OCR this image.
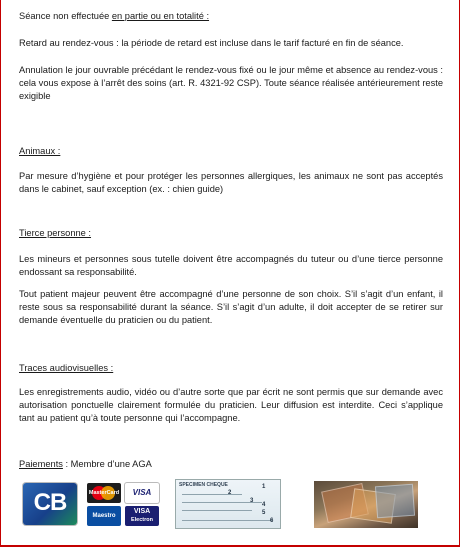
Séance non effectuée en partie ou en totalité :

Retard au rendez-vous : la période de retard est incluse dans le tarif facturé en fin de séance.

Annulation le jour ouvrable précédant le rendez-vous fixé ou le jour même et absence au rendez-vous : cela vous expose à l’arrêt des soins (art. R. 4321-92 CSP). Toute séance réalisée antérieurement reste exigible

Animaux :

Par mesure d’hygiène et pour protéger les personnes allergiques, les animaux ne sont pas acceptés dans le cabinet, sauf exception (ex. : chien guide)

Tierce personne :

Les mineurs et personnes sous tutelle doivent être accompagnés du tuteur ou d’une tierce personne endossant sa responsabilité.

Tout patient majeur peuvent être accompagné d’une personne de son choix. S’il s’agit d’un enfant, il reste sous sa responsabilité durant la séance. S’il s’agit d’un adulte, il doit accepter de se retirer sur demande éventuelle du praticien ou du patient.

Traces audiovisuelles :

Les enregistrements audio, vidéo ou d’autre sorte que par écrit ne sont permis que sur demande avec autorisation ponctuelle clairement formulée du praticien. Leur diffusion est interdite. Ceci s’applique tant au patient qu’à toute personne qui l’accompagne.

Paiements : Membre d’une AGA

CB	MasterCard	VISA
Maestro
VISA
Electron
SPECIMEN CHEQUE	1
2
3
4
5
6
